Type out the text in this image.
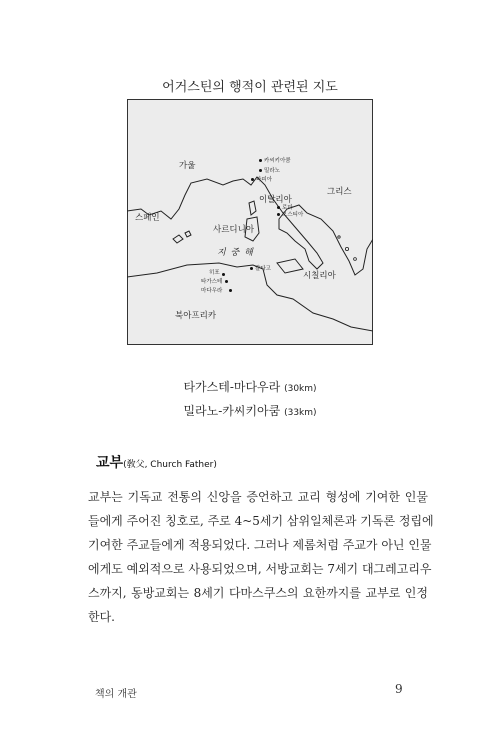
어거스틴의 행적이 관련된 지도
가울
이탈리아
그리스
스페인
사르디니아
시칠리아
북아프리카
지 중 해
카씨키아쿰
밀라노
파피아
로마
오스티아
칼타고
히포
타가스테
마다우라
타가스테-마다우라 (30km)
밀라노-카씨키아쿰 (33km)
교부(敎父, Church Father)
교부는 기독교 전통의 신앙을 증언하고 교리 형성에 기여한 인물
들에게 주어진 칭호로, 주로 4~5세기 삼위일체론과 기독론 정립에
기여한 주교들에게 적용되었다. 그러나 제롬처럼 주교가 아닌 인물
에게도 예외적으로 사용되었으며, 서방교회는 7세기 대그레고리우
스까지, 동방교회는 8세기 다마스쿠스의 요한까지를 교부로 인정
한다.
책의 개관	9
